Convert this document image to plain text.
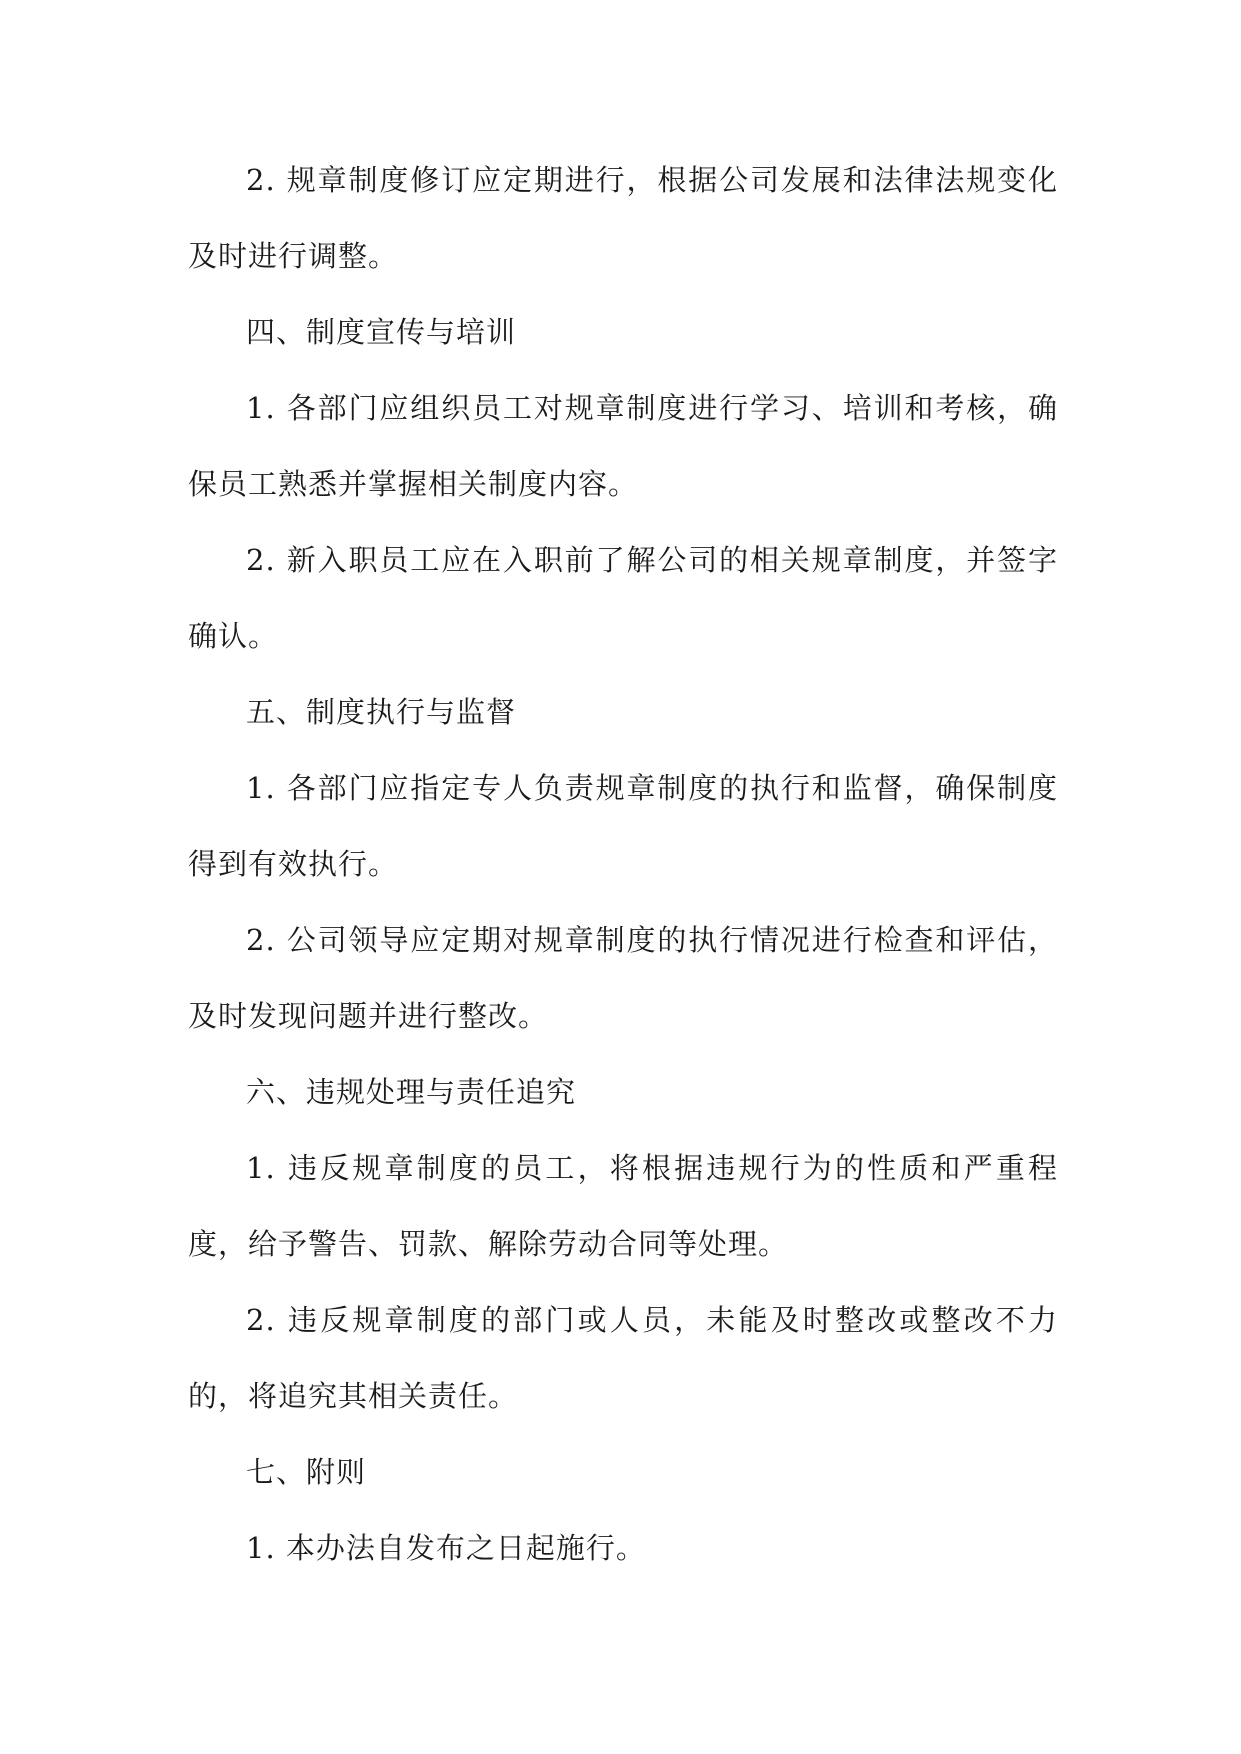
2. 规章制度修订应定期进行，根据公司发展和法律法规变化及时进行调整。

四、制度宣传与培训

1. 各部门应组织员工对规章制度进行学习、培训和考核，确保员工熟悉并掌握相关制度内容。

2. 新入职员工应在入职前了解公司的相关规章制度，并签字确认。

五、制度执行与监督

1. 各部门应指定专人负责规章制度的执行和监督，确保制度得到有效执行。

2. 公司领导应定期对规章制度的执行情况进行检查和评估，及时发现问题并进行整改。

六、违规处理与责任追究

1. 违反规章制度的员工，将根据违规行为的性质和严重程度，给予警告、罚款、解除劳动合同等处理。

2. 违反规章制度的部门或人员，未能及时整改或整改不力的，将追究其相关责任。

七、附则

1. 本办法自发布之日起施行。
